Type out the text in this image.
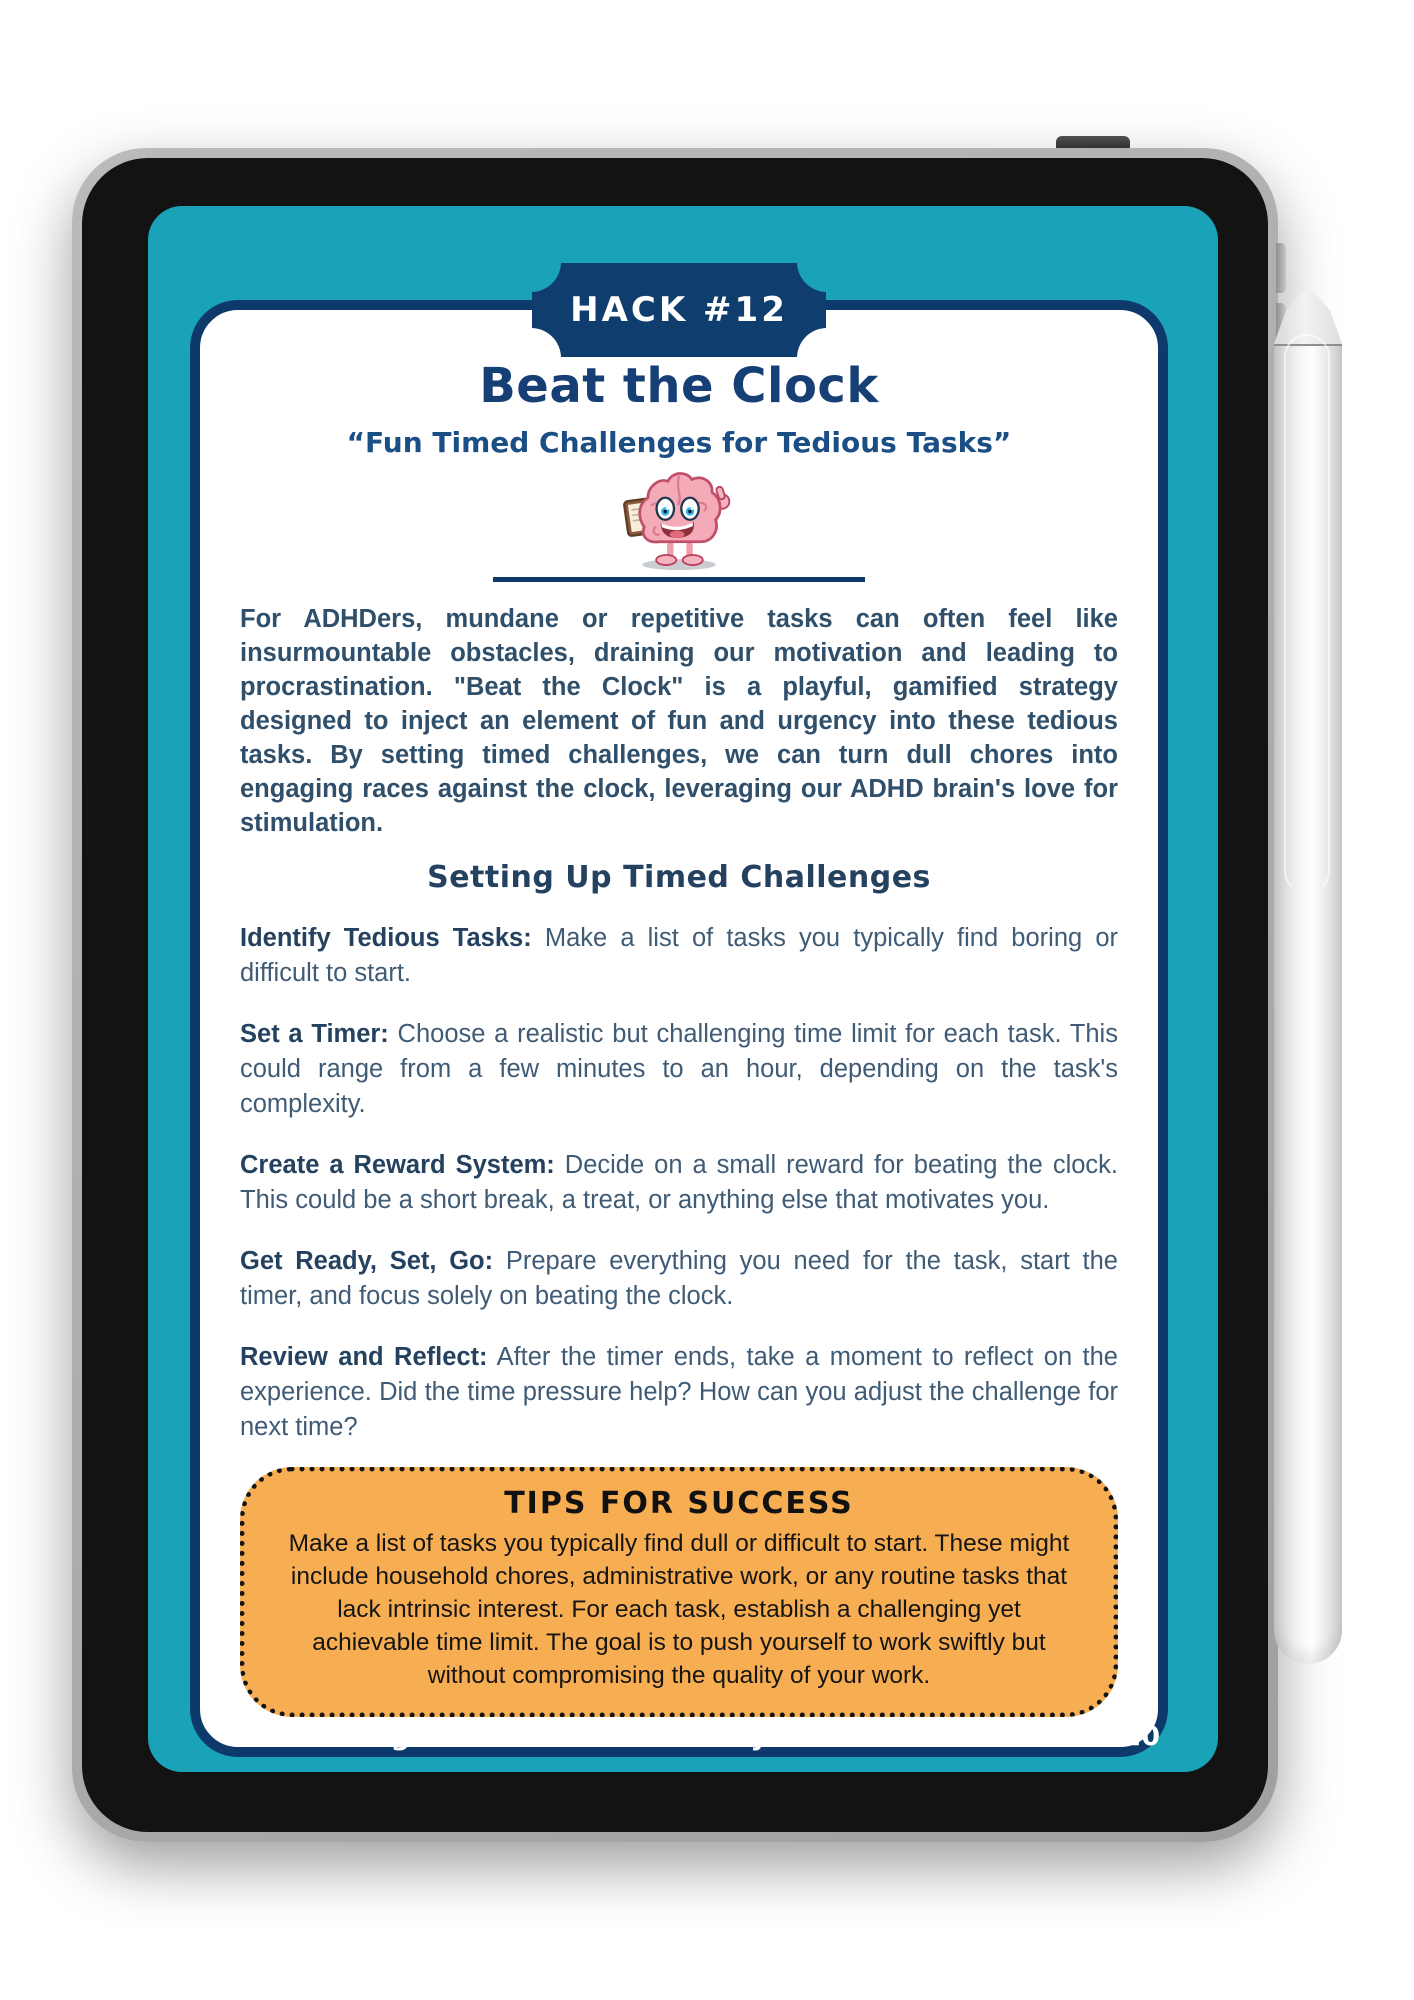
HACK #12
Beat the Clock
“Fun Timed Challenges for Tedious Tasks”

For ADHDers, mundane or repetitive tasks can often feel like insurmountable obstacles, draining our motivation and leading to procrastination. "Beat the Clock" is a playful, gamified strategy designed to inject an element of fun and urgency into these tedious tasks. By setting timed challenges, we can turn dull chores into engaging races against the clock, leveraging our ADHD brain's love for stimulation.

Setting Up Timed Challenges

Identify Tedious Tasks: Make a list of tasks you typically find boring or difficult to start.

Set a Timer: Choose a realistic but challenging time limit for each task. This could range from a few minutes to an hour, depending on the task's complexity.

Create a Reward System: Decide on a small reward for beating the clock. This could be a short break, a treat, or anything else that motivates you.

Get Ready, Set, Go: Prepare everything you need for the task, start the timer, and focus solely on beating the clock.

Review and Reflect: After the timer ends, take a moment to reflect on the experience. Did the time pressure help? How can you adjust the challenge for next time?

TIPS FOR SUCCESS
Make a list of tasks you typically find dull or difficult to start. These might include household chores, administrative work, or any routine tasks that lack intrinsic interest. For each task, establish a challenging yet achievable time limit. The goal is to push yourself to work swiftly but without compromising the quality of your work.
Enhancing Focus and Productivity	PAGE 20
